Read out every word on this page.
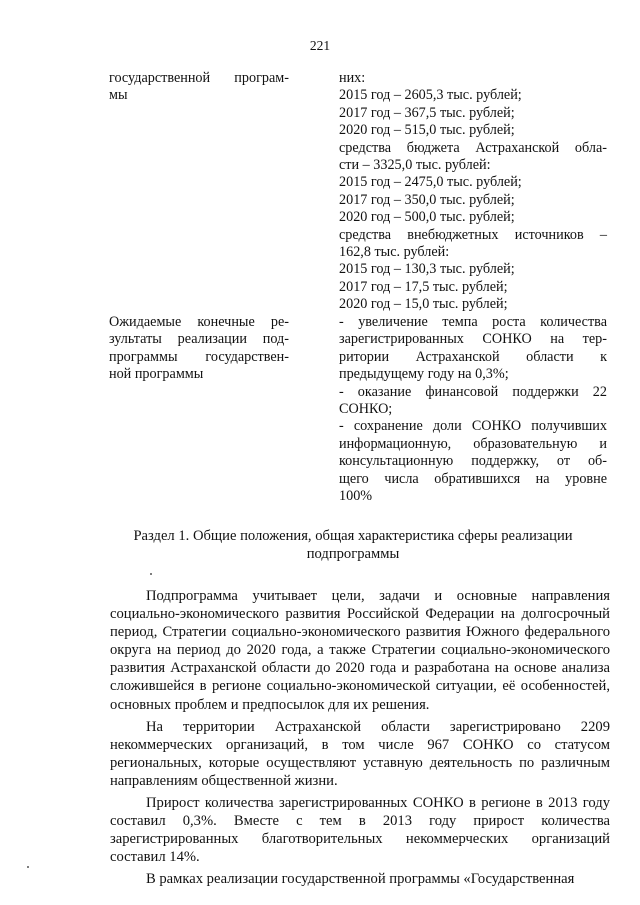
221
государственной програм-
мы
них:
2015 год – 2605,3 тыс. рублей;
2017 год – 367,5 тыс. рублей;
2020 год – 515,0 тыс. рублей;
средства бюджета Астраханской обла-
сти – 3325,0 тыс. рублей:
2015 год – 2475,0 тыс. рублей;
2017 год – 350,0 тыс. рублей;
2020 год – 500,0 тыс. рублей;
средства внебюджетных источников –
162,8 тыс. рублей:
2015 год – 130,3 тыс. рублей;
2017 год – 17,5 тыс. рублей;
2020 год – 15,0 тыс. рублей;
Ожидаемые конечные ре-
зультаты реализации под-
программы государствен-
ной программы
- увеличение темпа роста количества
зарегистрированных СОНКО на тер-
ритории Астраханской области к
предыдущему году на 0,3%;
- оказание финансовой поддержки 22
СОНКО;
- сохранение доли СОНКО получивших
информационную, образовательную и
консультационную поддержку, от об-
щего числа обратившихся на уровне
100%
Раздел 1. Общие положения, общая характеристика сферы реализации подпрограммы

Подпрограмма учитывает цели, задачи и основные направления социально-экономического развития Российской Федерации на долгосрочный период, Стратегии социально-экономического развития Южного федерального округа на период до 2020 года, а также Стратегии социально-экономического развития Астраханской области до 2020 года и разработана на основе анализа сложившейся в регионе социально-экономической ситуации, её особенностей, основных проблем и предпосылок для их решения.

На территории Астраханской области зарегистрировано 2209 некоммерческих организаций, в том числе 967 СОНКО со статусом региональных, которые осуществляют уставную деятельность по различным направлениям общественной жизни.

Прирост количества зарегистрированных СОНКО в регионе в 2013 году составил 0,3%. Вместе с тем в 2013 году прирост количества зарегистрированных благотворительных некоммерческих организаций составил 14%.

В рамках реализации государственной программы «Государственная
